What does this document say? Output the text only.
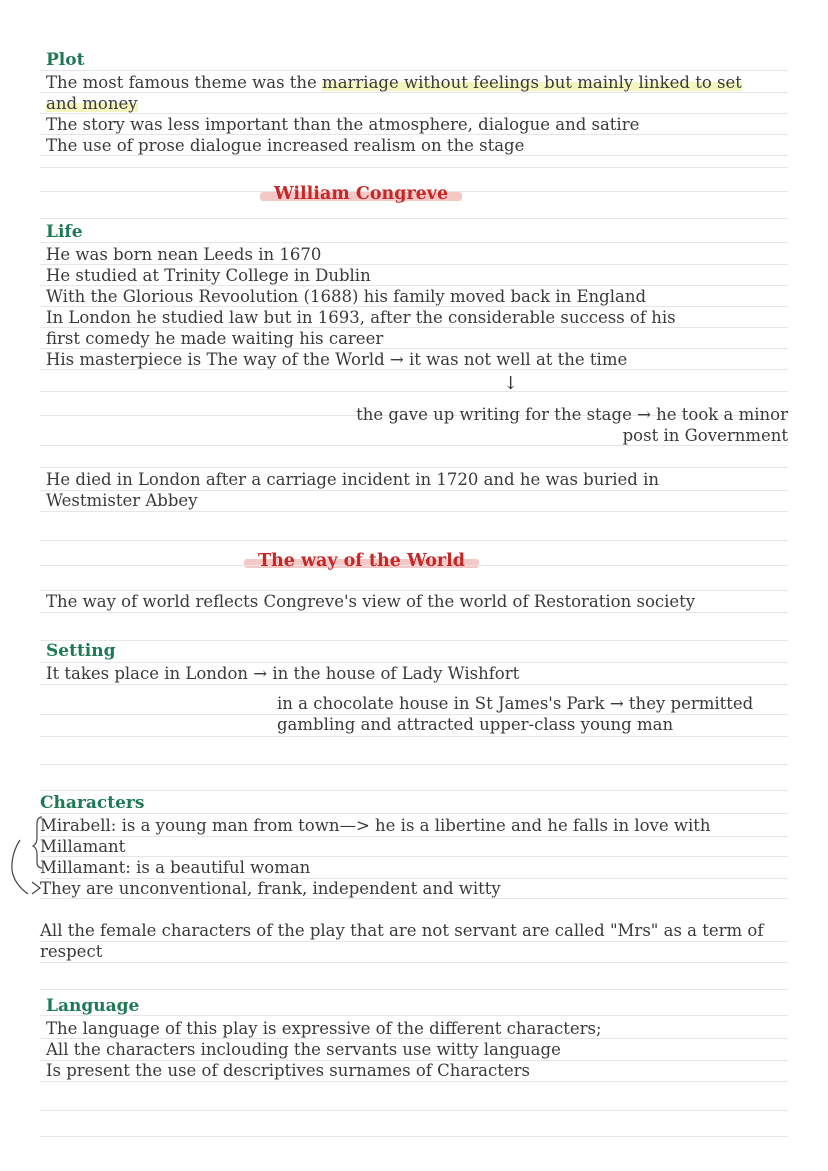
Plot
The most famous theme was the marriage without feelings but mainly linked to set
and money
The story was less important than the atmosphere, dialogue and satire
The use of prose dialogue increased realism on the stage
William Congreve
Life
He was born nean Leeds in 1670
He studied at Trinity College in Dublin
With the Glorious Revoolution (1688) his family moved back in England
In London he studied law but in 1693, after the considerable success of his
first comedy he made waiting his career
His masterpiece is The way of the World → it was not well at the time
↓
the gave up writing for the stage → he took a minor
post in Government
He died in London after a carriage incident in 1720 and he was buried in
Westmister Abbey
The way of the World
The way of world reflects Congreve's view of the world of Restoration society
Setting
It takes place in London → in the house of Lady Wishfort
in a chocolate house in St James's Park → they permitted
gambling and attracted upper-class young man
Characters
Mirabell: is a young man from town—> he is a libertine and he falls in love with
Millamant
Millamant: is a beautiful woman
They are unconventional, frank, independent and witty
All the female characters of the play that are not servant are called "Mrs" as a term of
respect
Language
The language of this play is expressive of the different characters;
All the characters inclouding the servants use witty language
Is present the use of descriptives surnames of Characters
